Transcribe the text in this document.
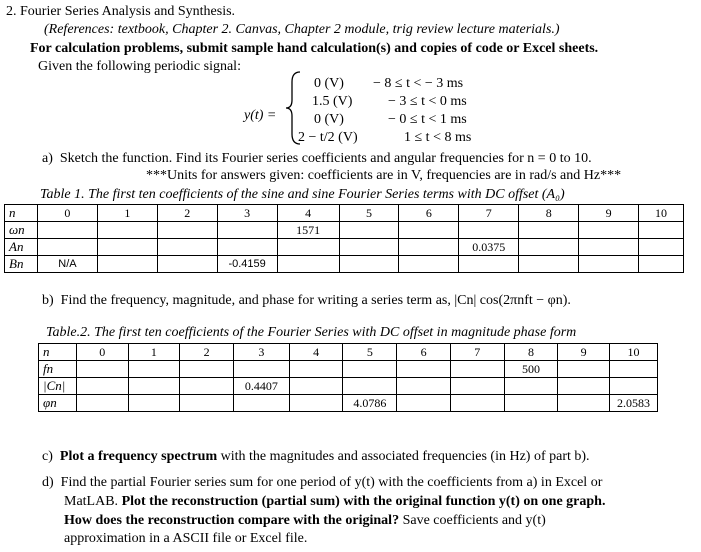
2. Fourier Series Analysis and Synthesis.
(References: textbook, Chapter 2. Canvas, Chapter 2 module, trig review lecture materials.)
For calculation problems, submit sample hand calculation(s) and copies of code or Excel sheets.
Given the following periodic signal:
y(t) =
0 (V) − 8 ≤ t < − 3 ms
1.5 (V)	− 3 ≤ t < 0 ms
0 (V)	− 0 ≤ t < 1 ms
2 − t/2 (V)	1 ≤ t < 8 ms
a)  Sketch the function. Find its Fourier series coefficients and angular frequencies for n = 0 to 10.
***Units for answers given: coefficients are in V, frequencies are in rad/s and Hz***
Table 1. The first ten coefficients of the sine and sine Fourier Series terms with DC offset (A₀)
n	0	1	2	3	4	5	6	7	8	9	10
ωn					1571						
An								0.0375			
Bn	N/A			-0.4159							
b)  Find the frequency, magnitude, and phase for writing a series term as, |Cn| cos(2πnft − φn).
Table.2. The first ten coefficients of the Fourier Series with DC offset in magnitude phase form
n	0	1	2	3	4	5	6	7	8	9	10
fn									500		
|Cn|				0.4407							
φn						4.0786					2.0583
c)  Plot a frequency spectrum with the magnitudes and associated frequencies (in Hz) of part b).
d)  Find the partial Fourier series sum for one period of y(t) with the coefficients from a) in Excel or
MatLAB. Plot the reconstruction (partial sum) with the original function y(t) on one graph.
How does the reconstruction compare with the original? Save coefficients and y(t)
approximation in a ASCII file or Excel file.
